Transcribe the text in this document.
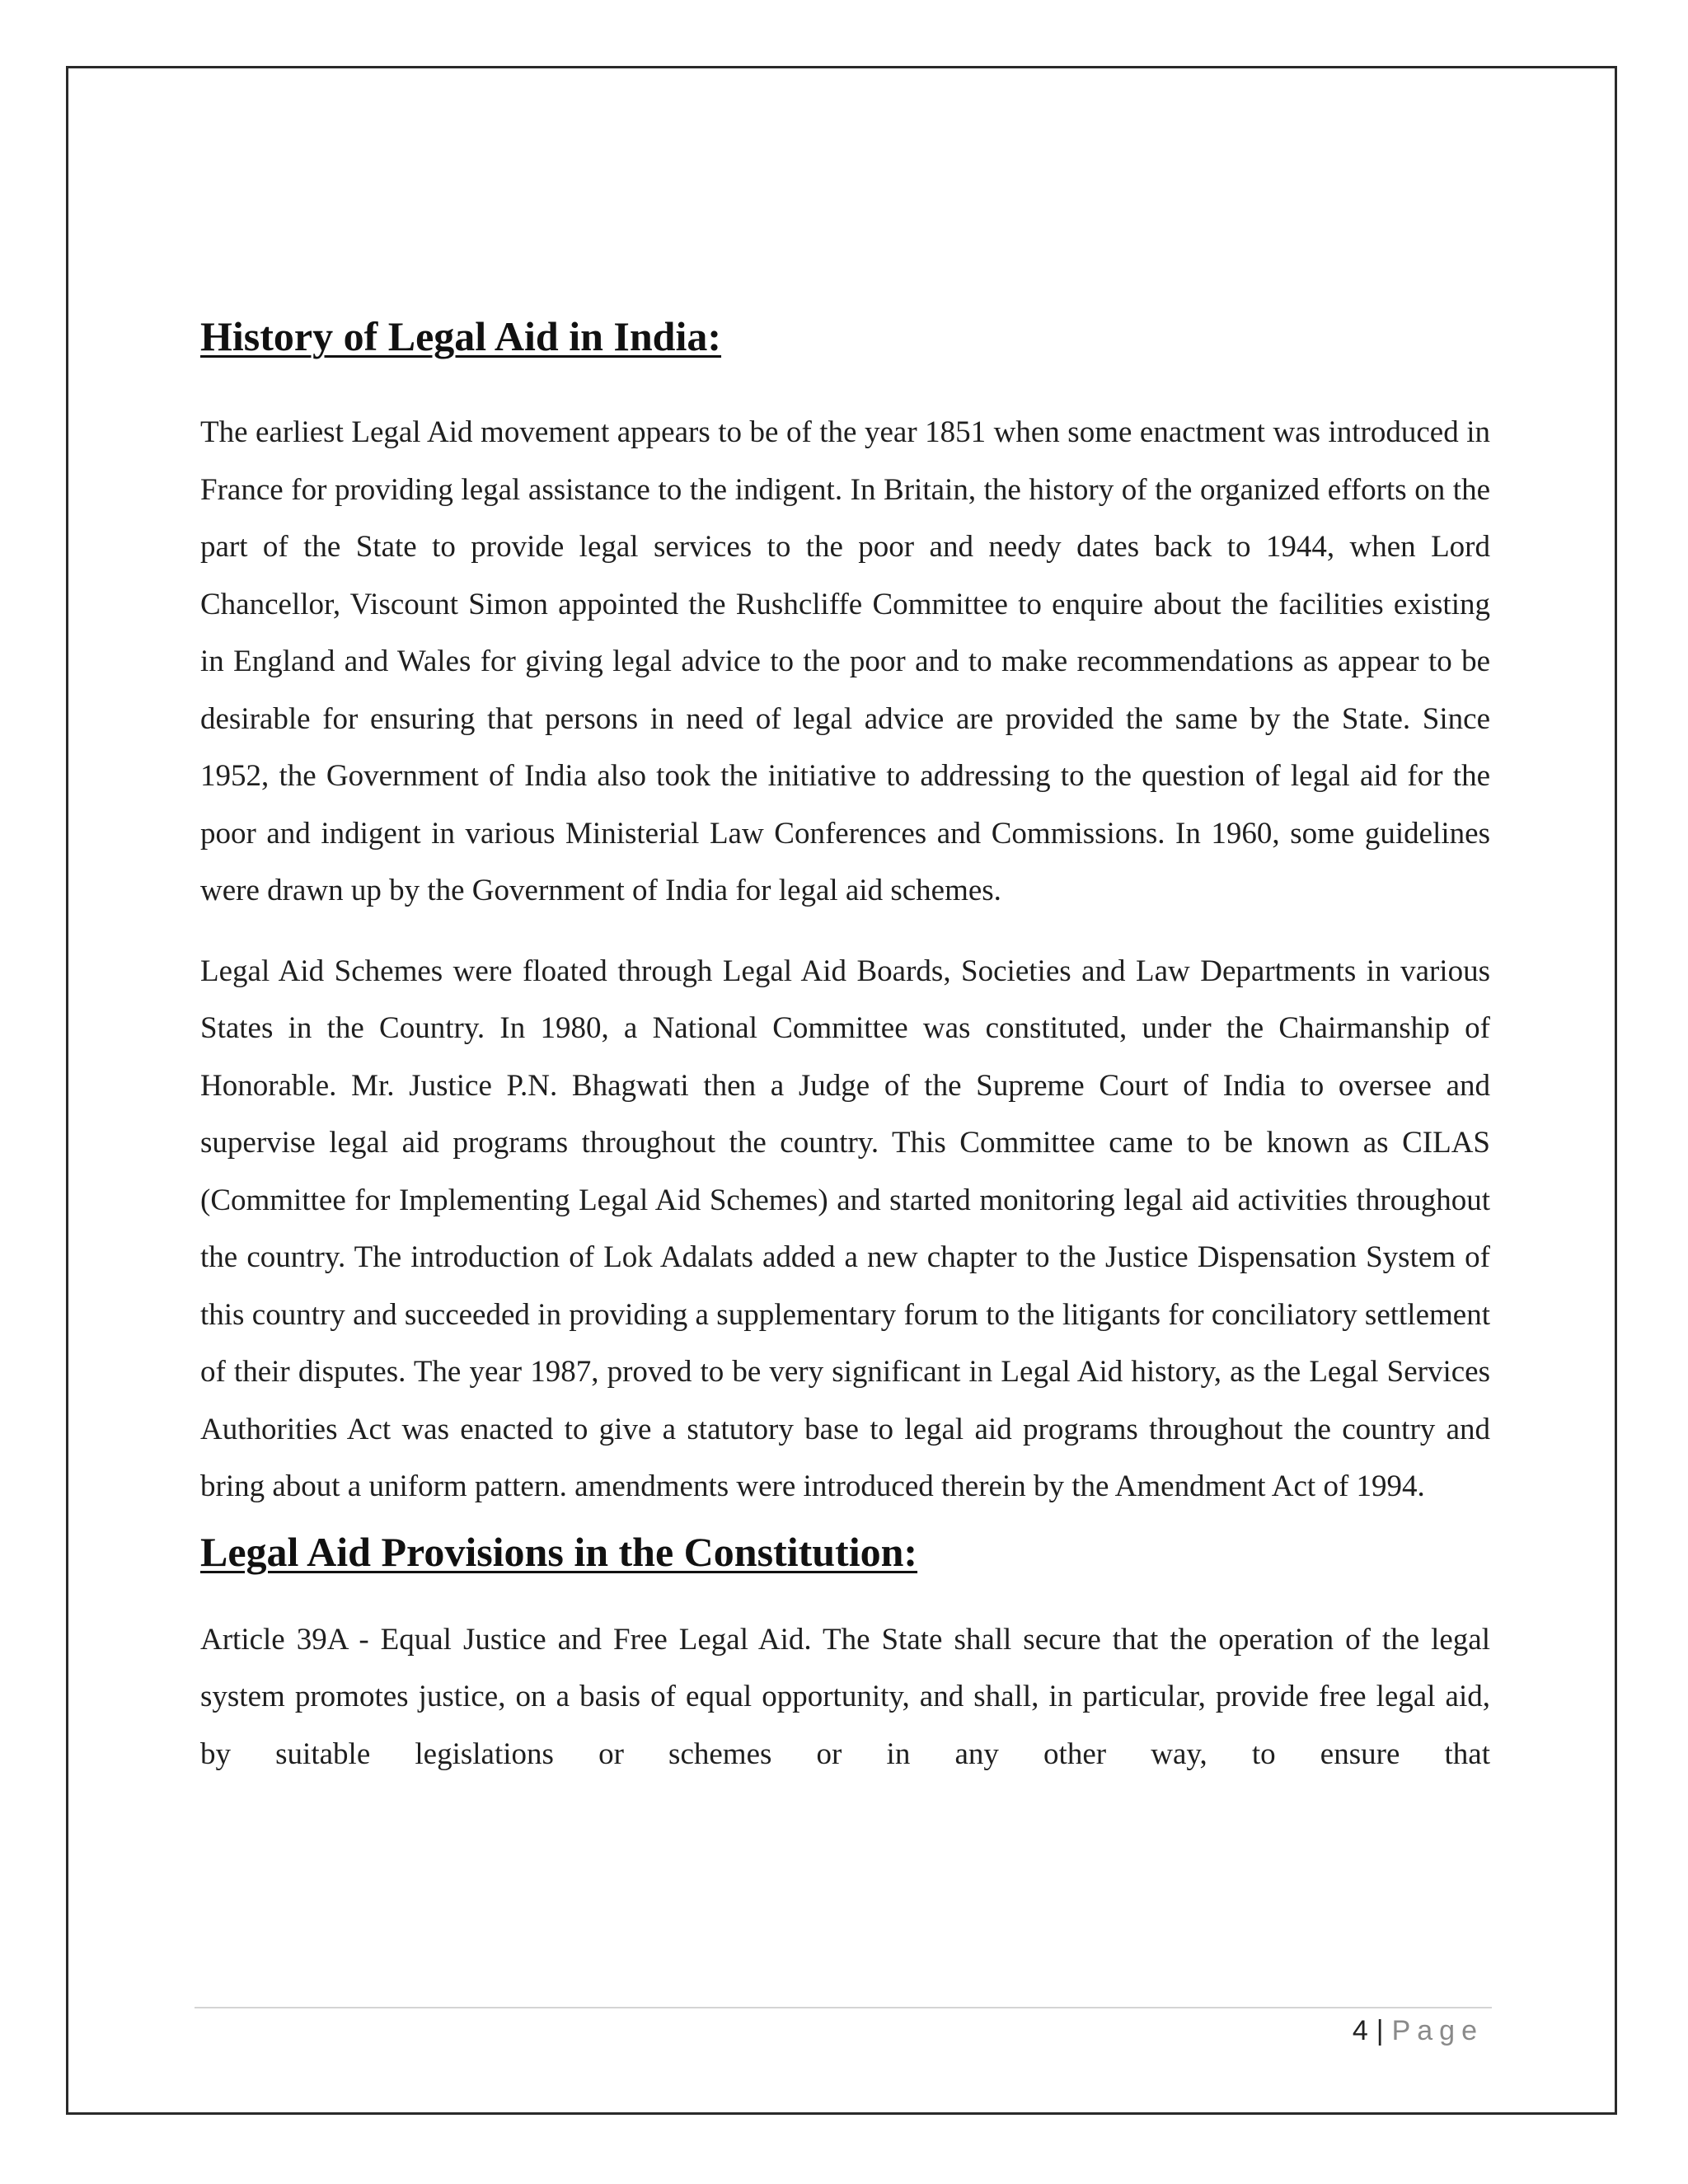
History of Legal Aid in India:

The earliest Legal Aid movement appears to be of the year 1851 when some enactment was introduced in France for providing legal assistance to the indigent. In Britain, the history of the organized efforts on the part of the State to provide legal services to the poor and needy dates back to 1944, when Lord Chancellor, Viscount Simon appointed the Rushcliffe Committee to enquire about the facilities existing in England and Wales for giving legal advice to the poor and to make recommendations as appear to be desirable for ensuring that persons in need of legal advice are provided the same by the State. Since 1952, the Government of India also took the initiative to addressing to the question of legal aid for the poor and indigent in various Ministerial Law Conferences and Commissions. In 1960, some guidelines were drawn up by the Government of India for legal aid schemes.

Legal Aid Schemes were floated through Legal Aid Boards, Societies and Law Departments in various States in the Country. In 1980, a National Committee was constituted, under the Chairmanship of Honorable. Mr. Justice P.N. Bhagwati then a Judge of the Supreme Court of India to oversee and supervise legal aid programs throughout the country. This Committee came to be known as CILAS (Committee for Implementing Legal Aid Schemes) and started monitoring legal aid activities throughout the country. The introduction of Lok Adalats added a new chapter to the Justice Dispensation System of this country and succeeded in providing a supplementary forum to the litigants for conciliatory settlement of their disputes. The year 1987, proved to be very significant in Legal Aid history, as the Legal Services Authorities Act was enacted to give a statutory base to legal aid programs throughout the country and bring about a uniform pattern. amendments were introduced therein by the Amendment Act of 1994.

Legal Aid Provisions in the Constitution:

Article 39A - Equal Justice and Free Legal Aid. The State shall secure that the operation of the legal system promotes justice, on a basis of equal opportunity, and shall, in particular, provide free legal aid, by suitable legislations or schemes or in any other way, to ensure that

4 | Page
